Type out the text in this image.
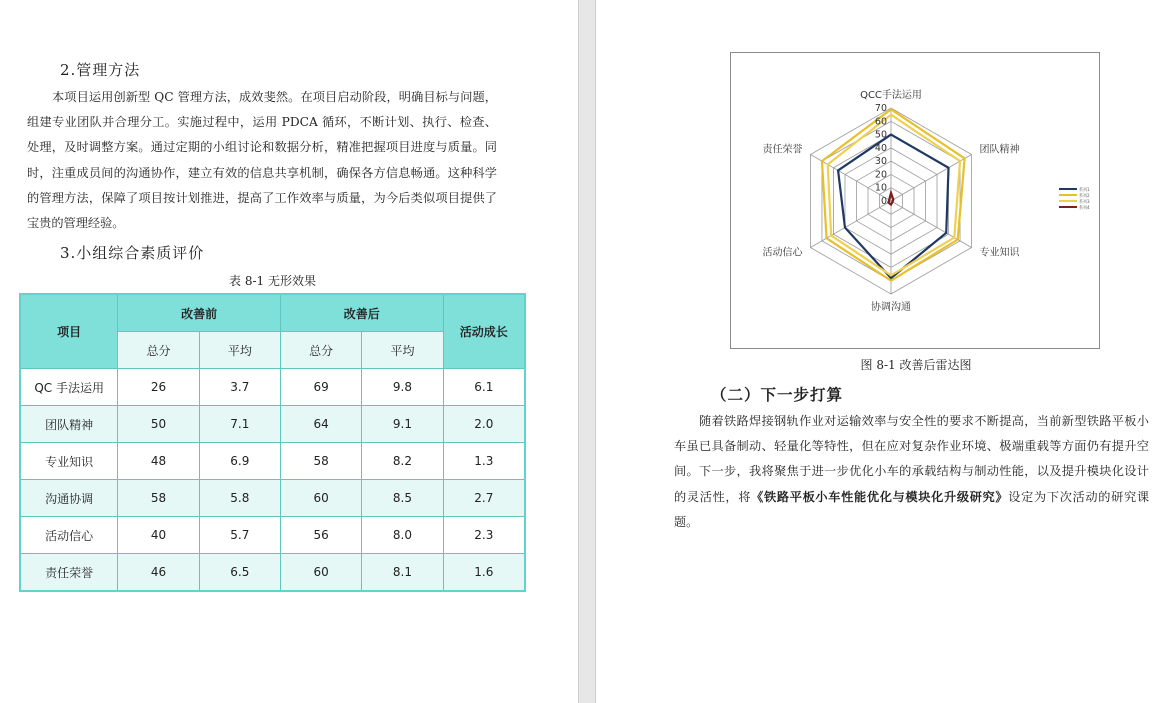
2.管理方法
本项目运用创新型 QC 管理方法，成效斐然。在项目启动阶段，明确目标与问题，组建专业团队并合理分工。实施过程中，运用 PDCA 循环，不断计划、执行、检查、处理，及时调整方案。通过定期的小组讨论和数据分析，精准把握项目进度与质量。同时，注重成员间的沟通协作，建立有效的信息共享机制，确保各方信息畅通。这种科学的管理方法，保障了项目按计划推进，提高了工作效率与质量，为今后类似项目提供了宝贵的管理经验。
3.小组综合素质评价
表 8-1 无形效果
项目	改善前		改善后		活动成长
	总分	平均	总分	平均	
QC 手法运用	26	3.7	69	9.8	6.1
团队精神	50	7.1	64	9.1	2.0
专业知识	48	6.9	58	8.2	1.3
沟通协调	58	5.8	60	8.5	2.7
活动信心	40	5.7	56	8.0	2.3
责任荣誉	46	6.5	60	8.1	1.6
0
10
20
30
40
50
60
70
QCC手法运用
团队精神
专业知识
协调沟通
活动信心
责任荣誉
系列1
系列2
系列3
系列4
图 8-1 改善后雷达图
（二）下一步打算
随着铁路焊接钢轨作业对运输效率与安全性的要求不断提高，当前新型铁路平板小车虽已具备制动、轻量化等特性，但在应对复杂作业环境、极端重载等方面仍有提升空间。下一步，我将聚焦于进一步优化小车的承载结构与制动性能，以及提升模块化设计的灵活性，将《铁路平板小车性能优化与模块化升级研究》设定为下次活动的研究课题。
